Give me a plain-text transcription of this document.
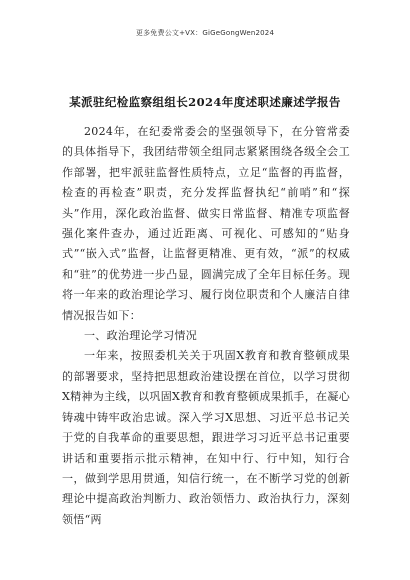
更多免费公文+VX：GiGeGongWen2024
某派驻纪检监察组组长2024年度述职述廉述学报告

2024年，在纪委常委会的坚强领导下，在分管常委的具体指导下，我团结带领全组同志紧紧围绕各级全会工作部署，把牢派驻监督性质特点，立足“监督的再监督，检查的再检查”职责，充分发挥监督执纪“前哨”和“探头”作用，深化政治监督、做实日常监督、精准专项监督强化案件查办，通过近距离、可视化、可感知的“贴身式”“嵌入式”监督，让监督更精准、更有效，“派”的权威和“驻”的优势进一步凸显，圆满完成了全年目标任务。现将一年来的政治理论学习、履行岗位职责和个人廉洁自律情况报告如下：

一、政治理论学习情况

一年来，按照委机关关于巩固X教育和教育整顿成果的部署要求，坚持把思想政治建设摆在首位，以学习贯彻X精神为主线，以巩固X教育和教育整顿成果抓手，在凝心铸魂中铸牢政治忠诚。深入学习X思想、习近平总书记关于党的自我革命的重要思想，跟进学习习近平总书记重要讲话和重要指示批示精神，在知中行、行中知，知行合一，做到学思用贯通，知信行统一，在不断学习党的创新理论中提高政治判断力、政治领悟力、政治执行力，深刻领悟“两
